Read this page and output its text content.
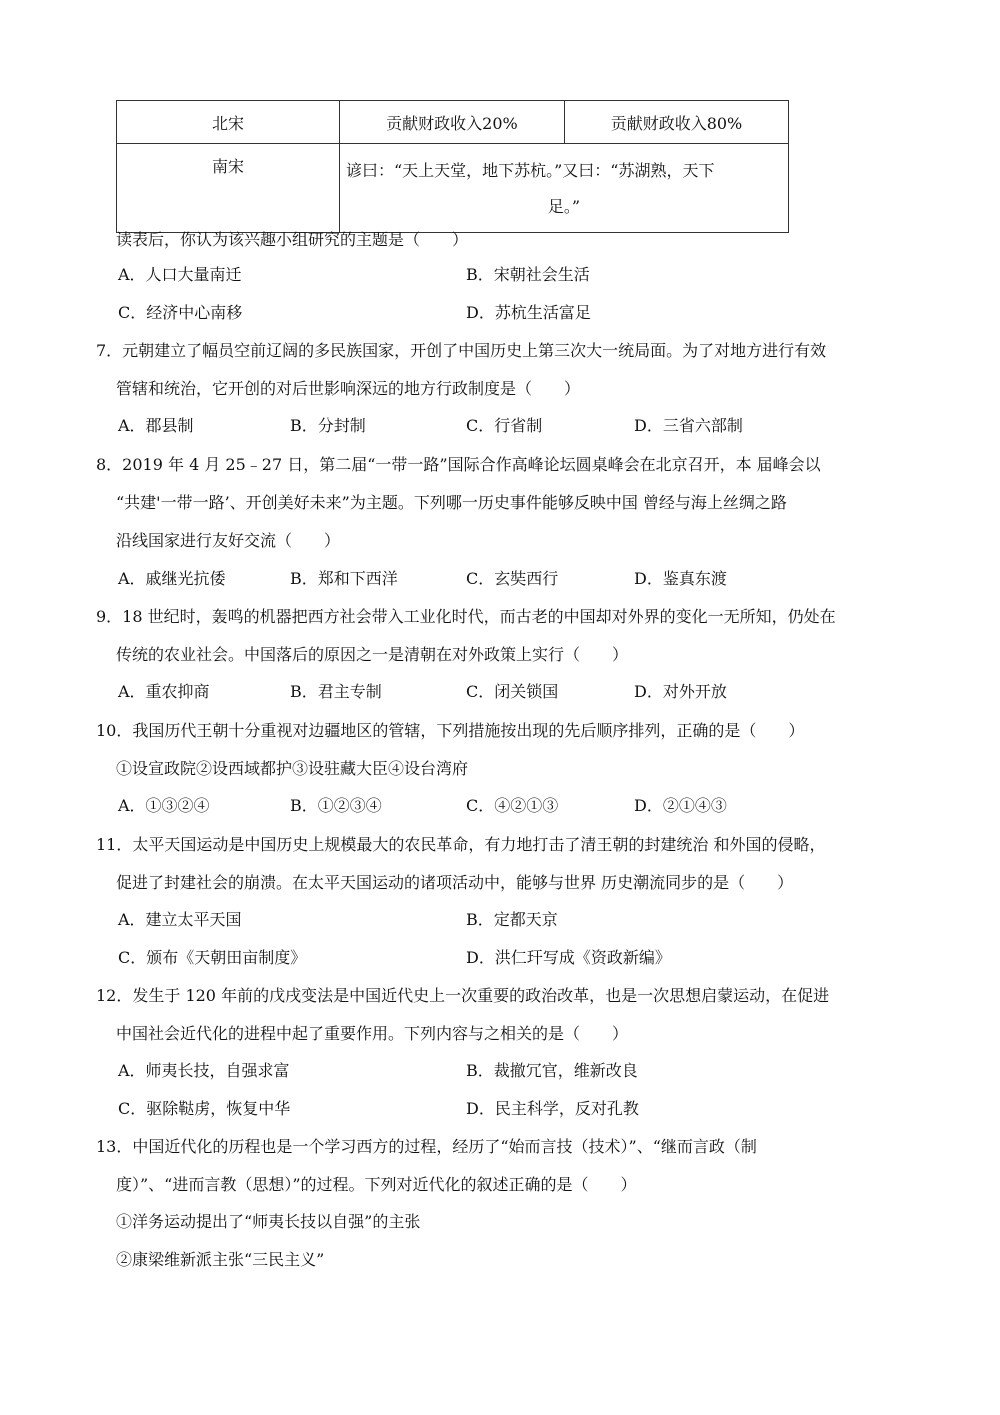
北宋	贡献财政收入20%	贡献财政收入80%
南宋	谚曰：“天上天堂，地下苏杭。”又曰：“苏湖熟，天下
足。”	
读表后，你认为该兴趣小组研究的主题是（　　）
A．人口大量南迁	B．宋朝社会生活
C．经济中心南移	D．苏杭生活富足
7．元朝建立了幅员空前辽阔的多民族国家，开创了中国历史上第三次大一统局面。为了对地方进行有效
管辖和统治，它开创的对后世影响深远的地方行政制度是（　　）
A．郡县制	B．分封制	C．行省制	D．三省六部制
8．2019 年 4 月 25﹣27 日，第二届“一带一路”国际合作高峰论坛圆桌峰会在北京召开，本 届峰会以
“共建'一带一路’、开创美好未来”为主题。下列哪一历史事件能够反映中国 曾经与海上丝绸之路
沿线国家进行友好交流（　　）
A．戚继光抗倭	B．郑和下西洋	C．玄奘西行	D．鉴真东渡
9．18 世纪时，轰鸣的机器把西方社会带入工业化时代，而古老的中国却对外界的变化一无所知，仍处在
传统的农业社会。中国落后的原因之一是清朝在对外政策上实行（　　）
A．重农抑商	B．君主专制	C．闭关锁国	D．对外开放
10．我国历代王朝十分重视对边疆地区的管辖，下列措施按出现的先后顺序排列，正确的是（　　）
①设宣政院②设西域都护③设驻藏大臣④设台湾府
A．①③②④	B．①②③④	C．④②①③	D．②①④③
11．太平天国运动是中国历史上规模最大的农民革命，有力地打击了清王朝的封建统治 和外国的侵略，
促进了封建社会的崩溃。在太平天国运动的诸项活动中，能够与世界 历史潮流同步的是（　　）
A．建立太平天国	B．定都天京
C．颁布《天朝田亩制度》	D．洪仁玕写成《资政新编》
12．发生于 120 年前的戊戌变法是中国近代史上一次重要的政治改革，也是一次思想启蒙运动，在促进
中国社会近代化的进程中起了重要作用。下列内容与之相关的是（　　）
A．师夷长技，自强求富	B．裁撤冗官，维新改良
C．驱除鞑虏，恢复中华	D．民主科学，反对孔教
13．中国近代化的历程也是一个学习西方的过程，经历了“始而言技（技术）”、“继而言政（制
度）”、“进而言教（思想）”的过程。下列对近代化的叙述正确的是（　　）
①洋务运动提出了“师夷长技以自强”的主张
②康梁维新派主张“三民主义”
